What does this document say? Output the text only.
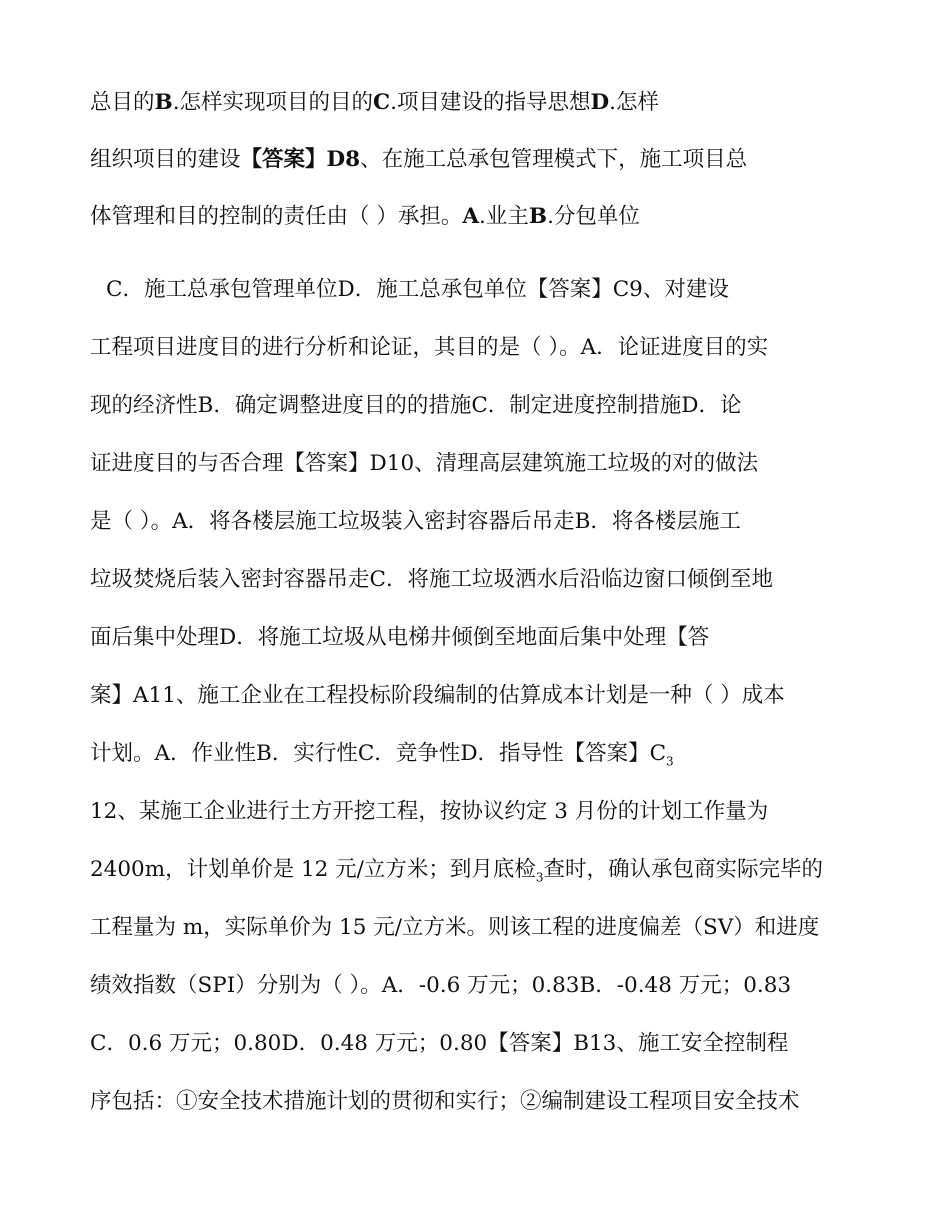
总目的B.怎样实现项目的目的C.项目建设的指导思想D.怎样
组织项目的建设【答案】D8、在施工总承包管理模式下，施工项目总
体管理和目的控制的责任由（ ）承担。A.业主B.分包单位
C．施工总承包管理单位D．施工总承包单位【答案】C9、对建设
工程项目进度目的进行分析和论证，其目的是（ ）。A．论证进度目的实
现的经济性B．确定调整进度目的的措施C．制定进度控制措施D．论
证进度目的与否合理【答案】D10、清理高层建筑施工垃圾的对的做法
是（ ）。A．将各楼层施工垃圾装入密封容器后吊走B．将各楼层施工
垃圾焚烧后装入密封容器吊走C．将施工垃圾洒水后沿临边窗口倾倒至地
面后集中处理D．将施工垃圾从电梯井倾倒至地面后集中处理【答
案】A11、施工企业在工程投标阶段编制的估算成本计划是一种（ ）成本
计划。A．作业性B．实行性C．竞争性D．指导性【答案】$C_3$
12、某施工企业进行土方开挖工程，按协议约定 3 月份的计划工作量为
2400m，计划单价是 12 元/立方米；到月底检$_3$查时，确认承包商实际完毕的
工程量为 m，实际单价为 15 元/立方米。则该工程的进度偏差（SV）和进度
绩效指数（SPI）分别为（ ）。A．-0.6 万元；0.83B．-0.48 万元；0.83
C．0.6 万元；0.80D．0.48 万元；0.80【答案】B13、施工安全控制程
序包括：①安全技术措施计划的贯彻和实行；②编制建设工程项目安全技术
